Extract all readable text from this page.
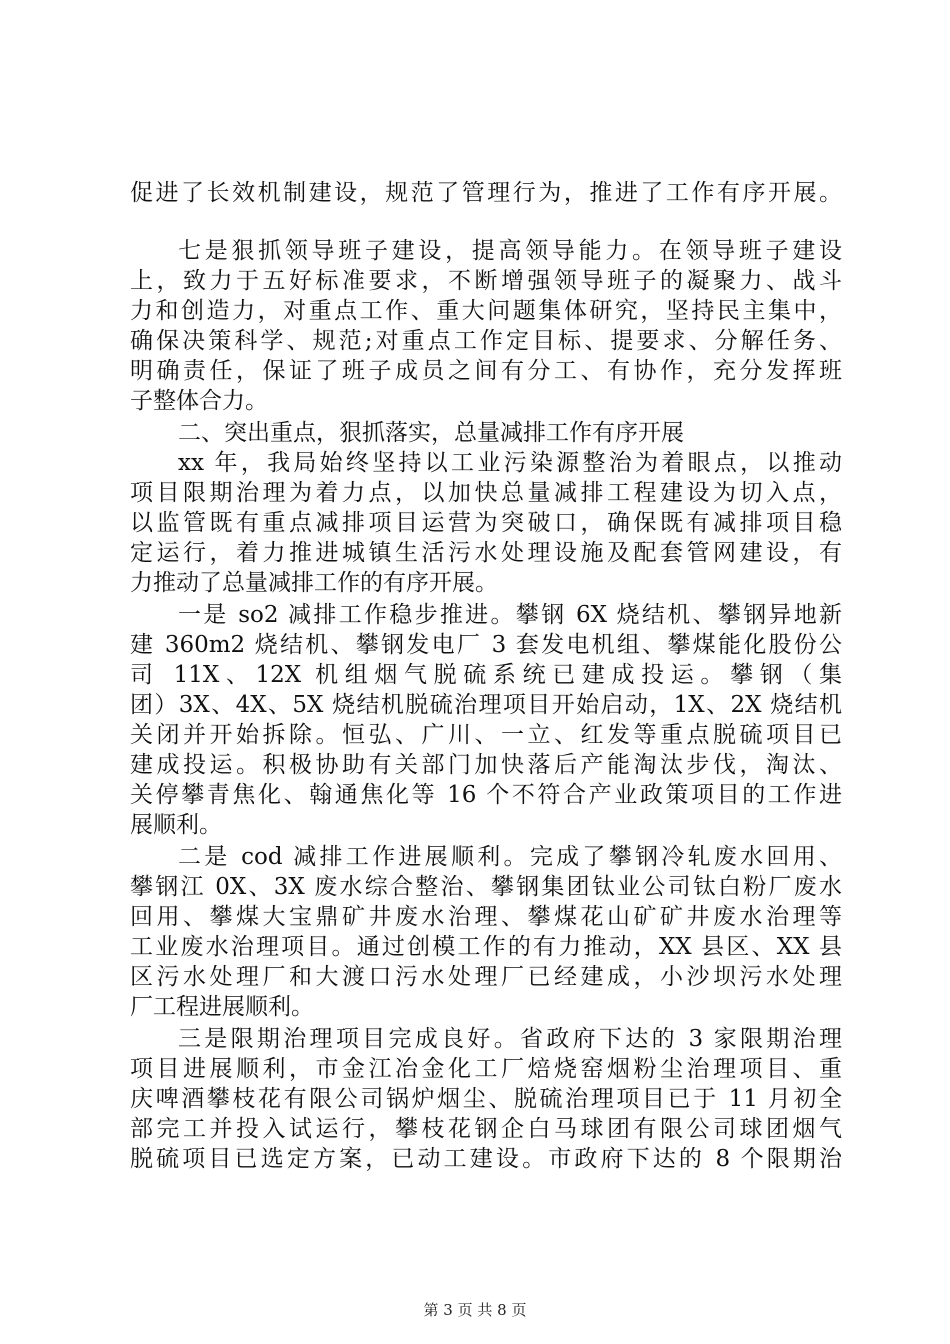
促进了长效机制建设，规范了管理行为，推进了工作有序开展。
七是狠抓领导班子建设，提高领导能力。在领导班子建设
上，致力于五好标准要求，不断增强领导班子的凝聚力、战斗
力和创造力，对重点工作、重大问题集体研究，坚持民主集中，
确保决策科学、规范;对重点工作定目标、提要求、分解任务、
明确责任，保证了班子成员之间有分工、有协作，充分发挥班
子整体合力。
二、突出重点，狠抓落实，总量减排工作有序开展
xx 年，我局始终坚持以工业污染源整治为着眼点，以推动
项目限期治理为着力点，以加快总量减排工程建设为切入点，
以监管既有重点减排项目运营为突破口，确保既有减排项目稳
定运行，着力推进城镇生活污水处理设施及配套管网建设，有
力推动了总量减排工作的有序开展。
一是 so2 减排工作稳步推进。攀钢 6X 烧结机、攀钢异地新
建 360m2 烧结机、攀钢发电厂 3 套发电机组、攀煤能化股份公
司 11X、12X 机组烟气脱硫系统已建成投运。攀钢（集
团）3X、4X、5X 烧结机脱硫治理项目开始启动，1X、2X 烧结机
关闭并开始拆除。恒弘、广川、一立、红发等重点脱硫项目已
建成投运。积极协助有关部门加快落后产能淘汰步伐，淘汰、
关停攀青焦化、翰通焦化等 16 个不符合产业政策项目的工作进
展顺利。
二是 cod 减排工作进展顺利。完成了攀钢冷轧废水回用、
攀钢江 0X、3X 废水综合整治、攀钢集团钛业公司钛白粉厂废水
回用、攀煤大宝鼎矿井废水治理、攀煤花山矿矿井废水治理等
工业废水治理项目。通过创模工作的有力推动，XX 县区、XX 县
区污水处理厂和大渡口污水处理厂已经建成，小沙坝污水处理
厂工程进展顺利。
三是限期治理项目完成良好。省政府下达的 3 家限期治理
项目进展顺利，市金江冶金化工厂焙烧窑烟粉尘治理项目、重
庆啤酒攀枝花有限公司锅炉烟尘、脱硫治理项目已于 11 月初全
部完工并投入试运行，攀枝花钢企白马球团有限公司球团烟气
脱硫项目已选定方案，已动工建设。市政府下达的 8 个限期治
第 3 页 共 8 页
